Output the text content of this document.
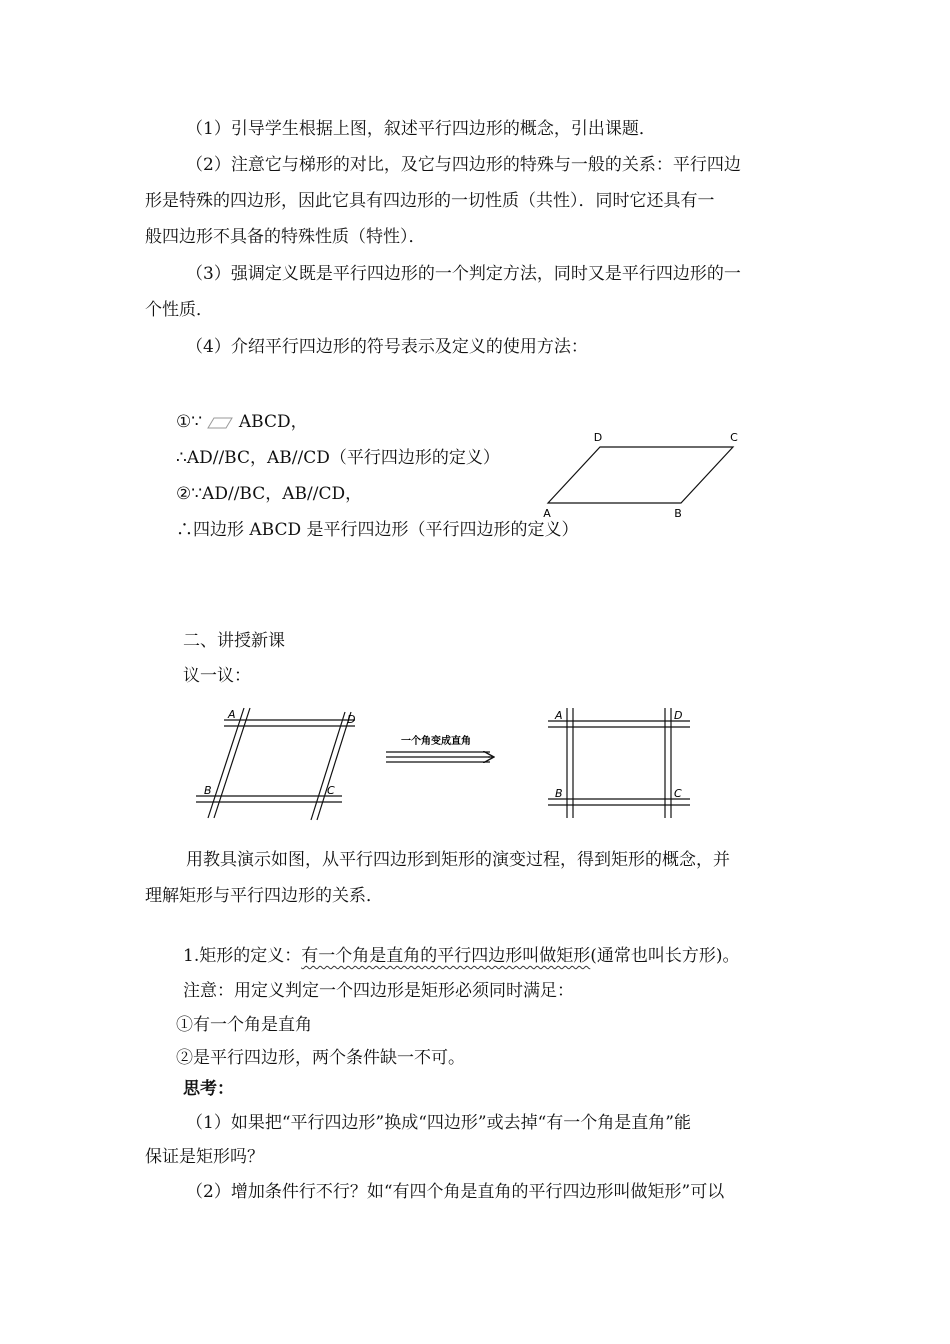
（1）引导学生根据上图，叙述平行四边形的概念，引出课题．

（2）注意它与梯形的对比，及它与四边形的特殊与一般的关系：平行四边

形是特殊的四边形，因此它具有四边形的一切性质（共性）．同时它还具有一

般四边形不具备的特殊性质（特性）．

（3）强调定义既是平行四边形的一个判定方法，同时又是平行四边形的一

个性质．

（4）介绍平行四边形的符号表示及定义的使用方法：

①∵ ABCD，

∴AD//BC，AB//CD（平行四边形的定义）

②∵AD//BC，AB//CD，

∴四边形 ABCD 是平行四边形（平行四边形的定义）

D	C
A	B

二、讲授新课

议一议：

A	D
B	C
一个角变成直角
A	D
B	C

用教具演示如图，从平行四边形到矩形的演变过程，得到矩形的概念，并

理解矩形与平行四边形的关系．

1.矩形的定义：有一个角是直角的平行四边形叫做矩形(通常也叫长方形)。

注意：用定义判定一个四边形是矩形必须同时满足：

①有一个角是直角

②是平行四边形，两个条件缺一不可。

思考：

（1）如果把“平行四边形”换成“四边形”或去掉“有一个角是直角”能

保证是矩形吗？

（2）增加条件行不行？如“有四个角是直角的平行四边形叫做矩形”可以
